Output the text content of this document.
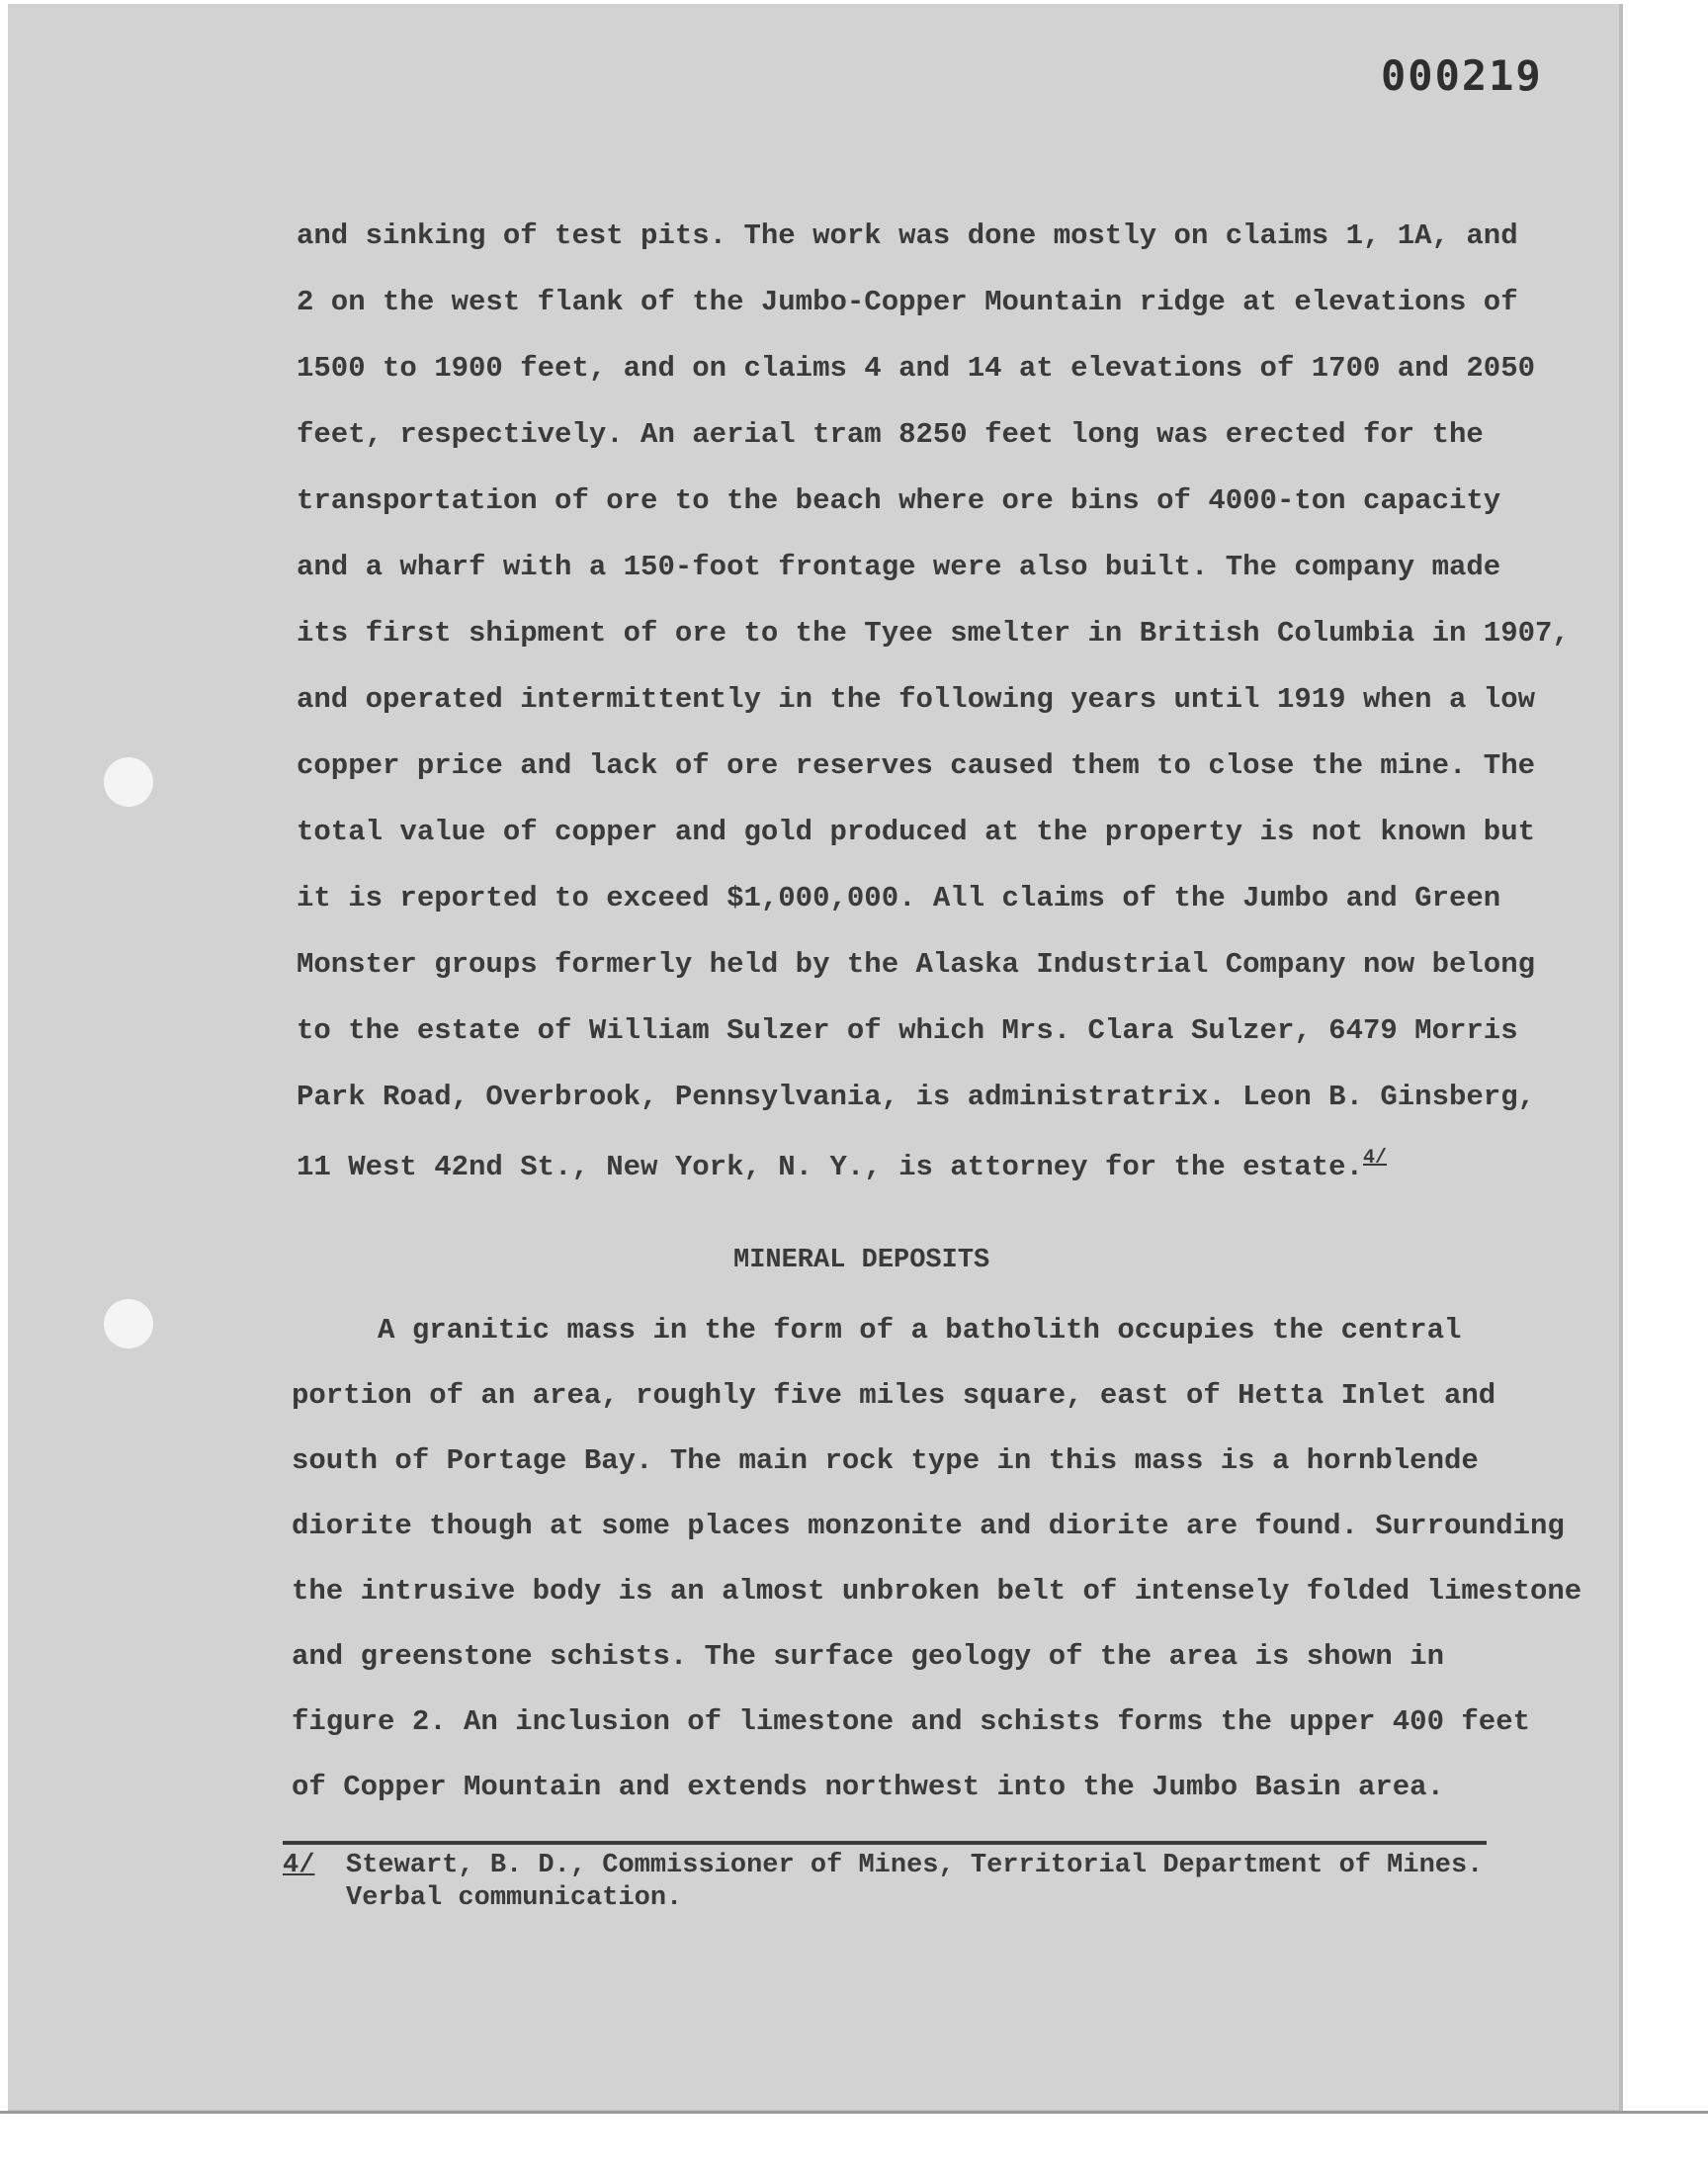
000219
and sinking of test pits. The work was done mostly on claims 1, 1A, and
2 on the west flank of the Jumbo-Copper Mountain ridge at elevations of
1500 to 1900 feet, and on claims 4 and 14 at elevations of 1700 and 2050
feet, respectively. An aerial tram 8250 feet long was erected for the
transportation of ore to the beach where ore bins of 4000-ton capacity
and a wharf with a 150-foot frontage were also built. The company made
its first shipment of ore to the Tyee smelter in British Columbia in 1907,
and operated intermittently in the following years until 1919 when a low
copper price and lack of ore reserves caused them to close the mine. The
total value of copper and gold produced at the property is not known but
it is reported to exceed $1,000,000. All claims of the Jumbo and Green
Monster groups formerly held by the Alaska Industrial Company now belong
to the estate of William Sulzer of which Mrs. Clara Sulzer, 6479 Morris
Park Road, Overbrook, Pennsylvania, is administratrix. Leon B. Ginsberg,
11 West 42nd St., New York, N. Y., is attorney for the estate.$^{4/}$
MINERAL DEPOSITS
A granitic mass in the form of a batholith occupies the central
portion of an area, roughly five miles square, east of Hetta Inlet and
south of Portage Bay. The main rock type in this mass is a hornblende
diorite though at some places monzonite and diorite are found. Surrounding
the intrusive body is an almost unbroken belt of intensely folded limestone
and greenstone schists. The surface geology of the area is shown in
figure 2. An inclusion of limestone and schists forms the upper 400 feet
of Copper Mountain and extends northwest into the Jumbo Basin area.
4/ Stewart, B. D., Commissioner of Mines, Territorial Department of Mines.
Verbal communication.
